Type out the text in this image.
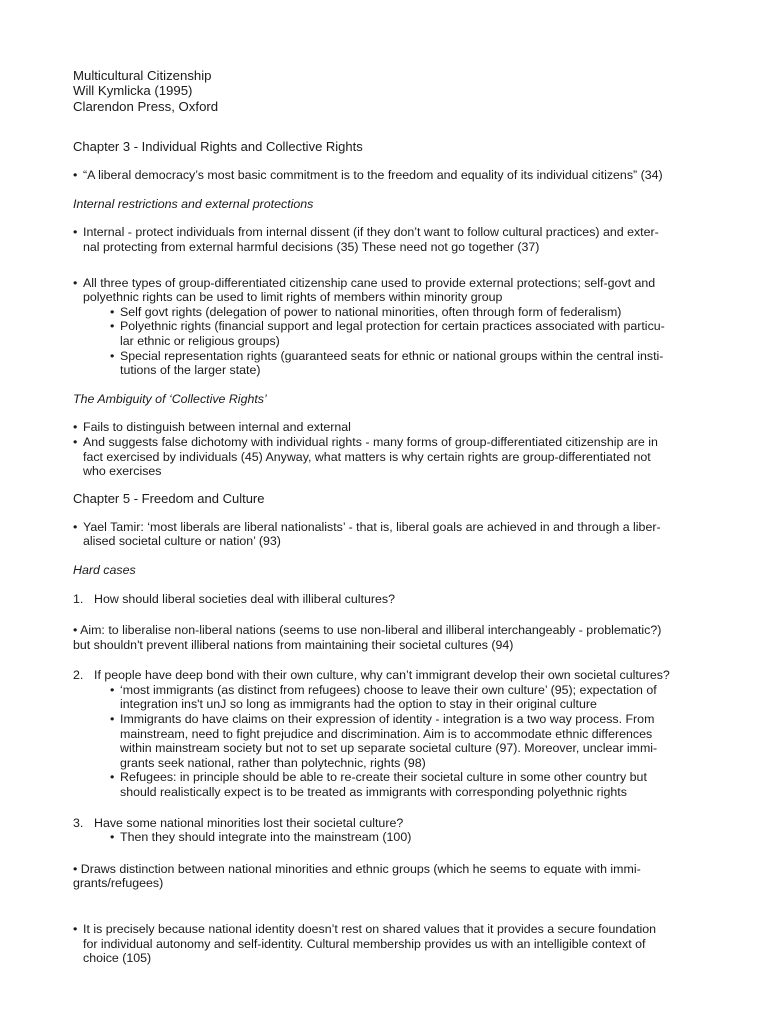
Multicultural Citizenship
Will Kymlicka (1995)
Clarendon Press, Oxford
Chapter 3 - Individual Rights and Collective Rights
• “A liberal democracy’s most basic commitment is to the freedom and equality of its individual citizens” (34)
Internal restrictions and external protections
• Internal - protect individuals from internal dissent (if they don’t want to follow cultural practices) and exter-
nal protecting from external harmful decisions (35) These need not go together (37)
• All three types of group-differentiated citizenship cane used to provide external protections; self-govt and
polyethnic rights can be used to limit rights of members within minority group
• Self govt rights (delegation of power to national minorities, often through form of federalism)
• Polyethnic rights (financial support and legal protection for certain practices associated with particu-
lar ethnic or religious groups)
• Special representation rights (guaranteed seats for ethnic or national groups within the central insti-
tutions of the larger state)
The Ambiguity of ‘Collective Rights’
• Fails to distinguish between internal and external
• And suggests false dichotomy with individual rights - many forms of group-differentiated citizenship are in
fact exercised by individuals (45) Anyway, what matters is why certain rights are group-differentiated not
who exercises
Chapter 5 - Freedom and Culture
• Yael Tamir: ‘most liberals are liberal nationalists’ - that is, liberal goals are achieved in and through a liber-
alised societal culture or nation’ (93)
Hard cases
1. How should liberal societies deal with illiberal cultures?
• Aim: to liberalise non-liberal nations (seems to use non-liberal and illiberal interchangeably - problematic?)
but shouldn't prevent illiberal nations from maintaining their societal cultures (94)
2. If people have deep bond with their own culture, why can’t immigrant develop their own societal cultures?
• ‘most immigrants (as distinct from refugees) choose to leave their own culture’ (95); expectation of
integration ins't unJ so long as immigrants had the option to stay in their original culture
• Immigrants do have claims on their expression of identity - integration is a two way process. From
mainstream, need to fight prejudice and discrimination. Aim is to accommodate ethnic differences
within mainstream society but not to set up separate societal culture (97). Moreover, unclear immi-
grants seek national, rather than polytechnic, rights (98)
• Refugees: in principle should be able to re-create their societal culture in some other country but
should realistically expect is to be treated as immigrants with corresponding polyethnic rights
3. Have some national minorities lost their societal culture?
• Then they should integrate into the mainstream (100)
• Draws distinction between national minorities and ethnic groups (which he seems to equate with immi-
grants/refugees)
• It is precisely because national identity doesn’t rest on shared values that it provides a secure foundation
for individual autonomy and self-identity. Cultural membership provides us with an intelligible context of
choice (105)
